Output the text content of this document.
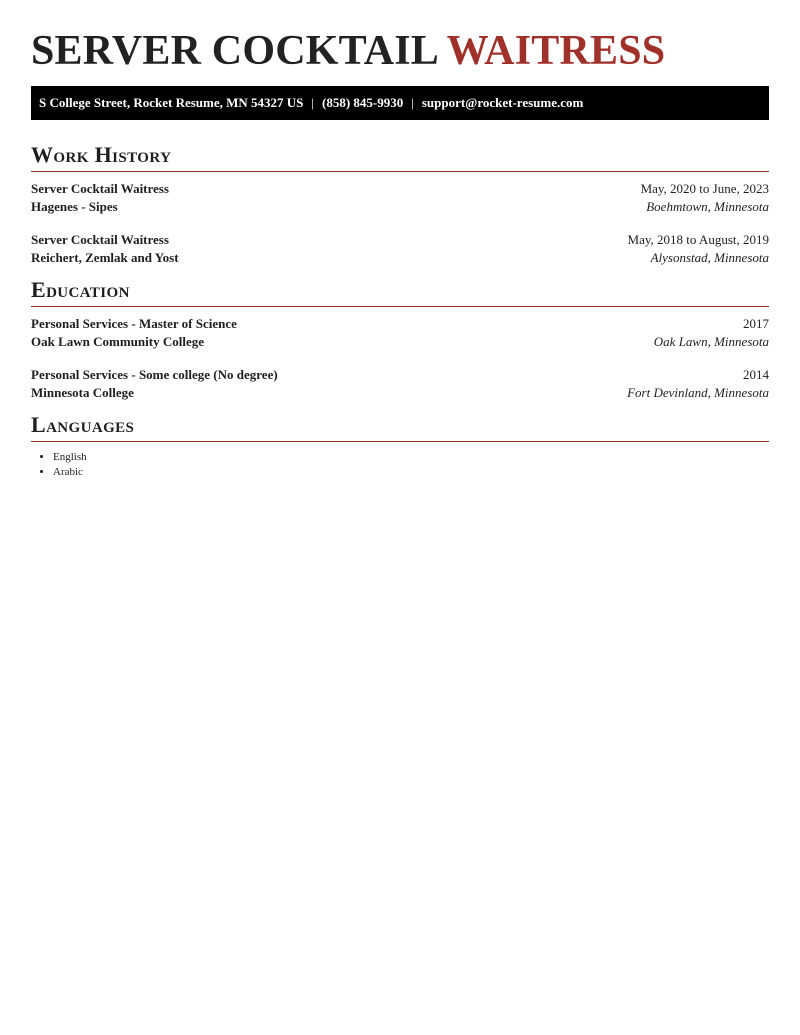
SERVER COCKTAIL WAITRESS
S College Street, Rocket Resume, MN 54327 US | (858) 845-9930 | support@rocket-resume.com
Work History
Server Cocktail Waitress	May, 2020 to June, 2023
Hagenes - Sipes	Boehmtown, Minnesota
Server Cocktail Waitress	May, 2018 to August, 2019
Reichert, Zemlak and Yost	Alysonstad, Minnesota
Education
Personal Services - Master of Science	2017
Oak Lawn Community College	Oak Lawn, Minnesota
Personal Services - Some college (No degree)	2014
Minnesota College	Fort Devinland, Minnesota
Languages
• English
• Arabic
